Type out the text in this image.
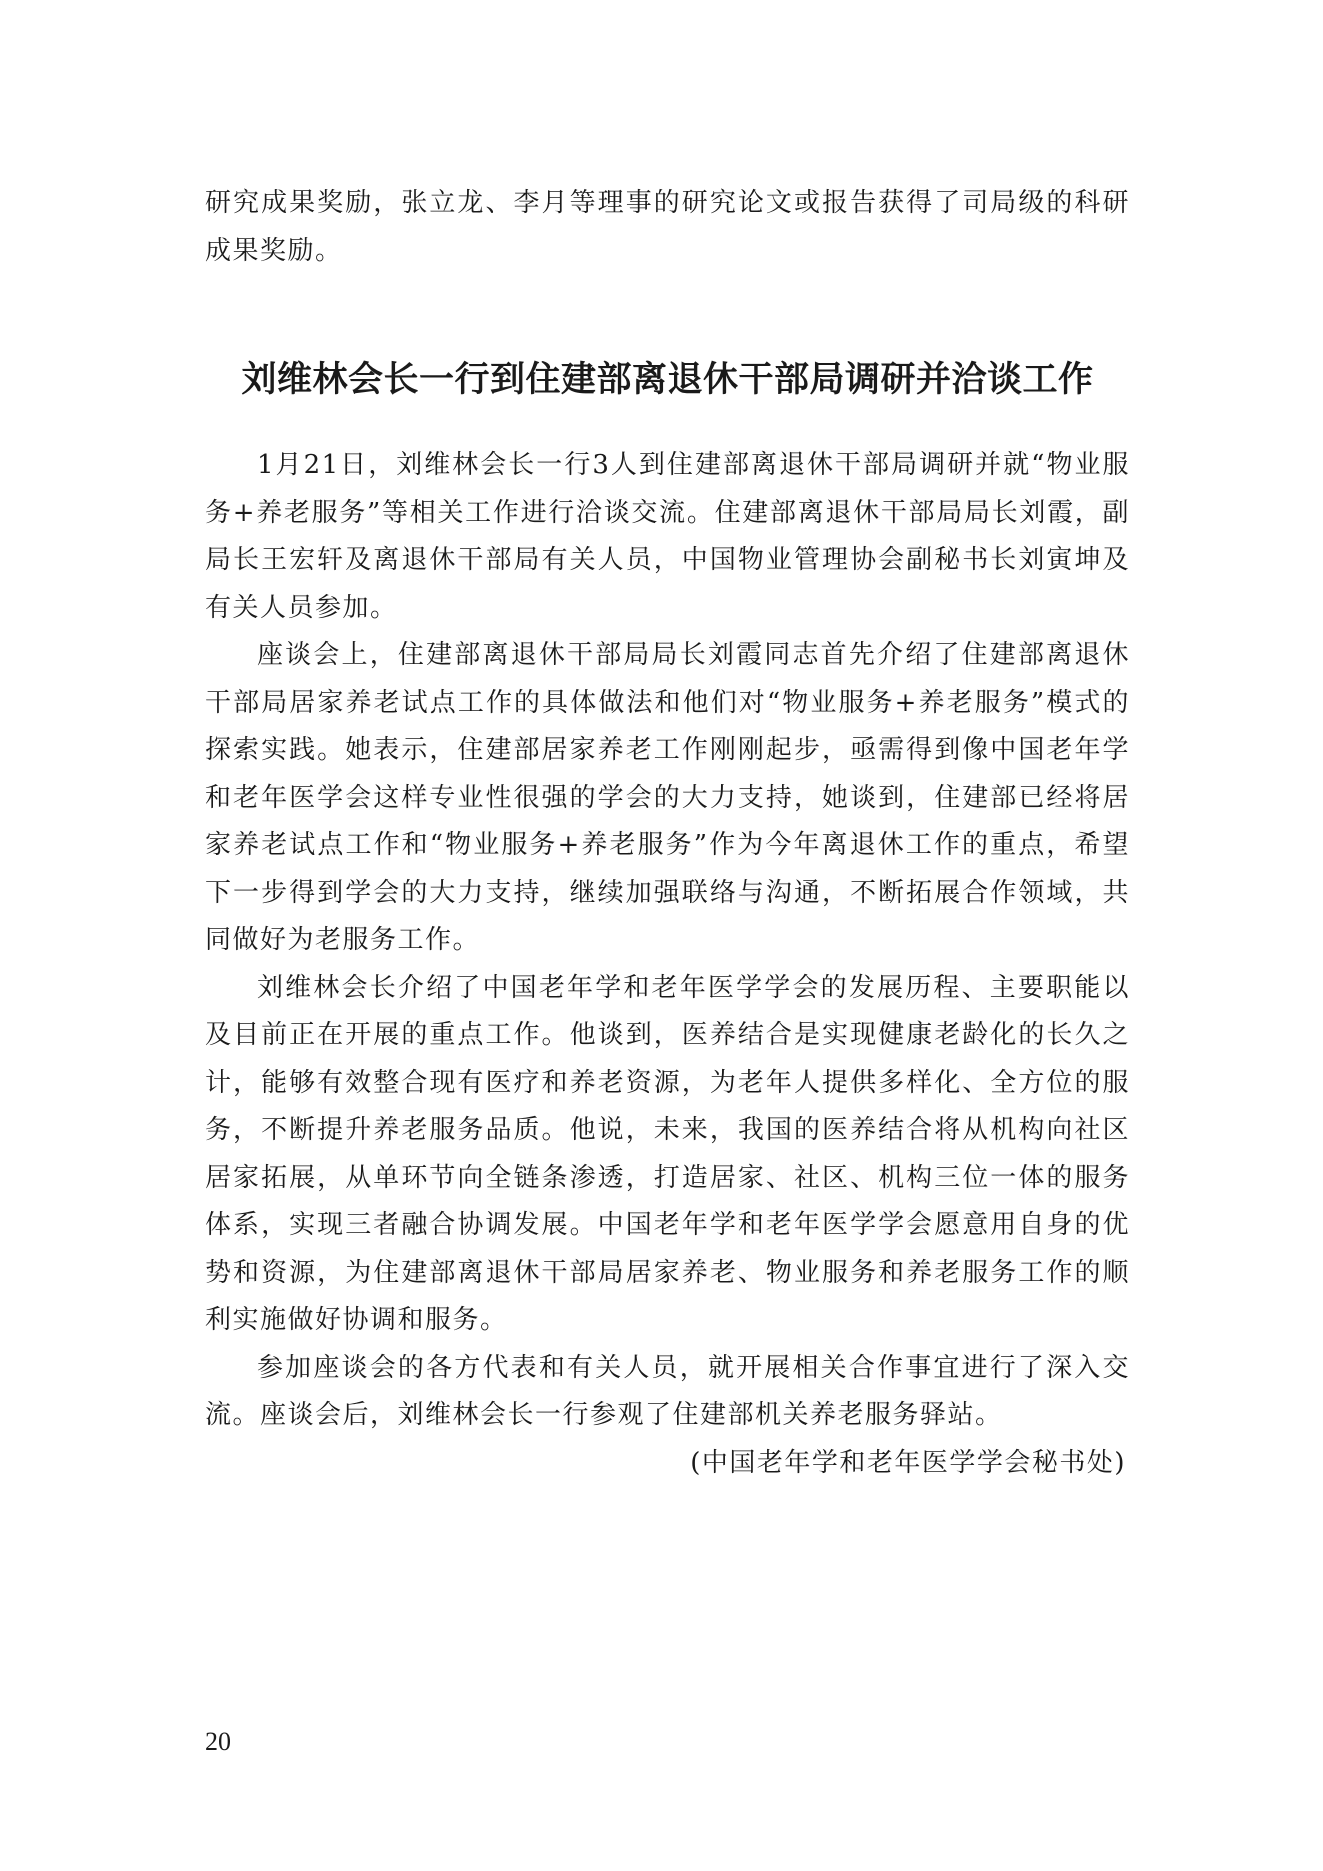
研究成果奖励，张立龙、李月等理事的研究论文或报告获得了司局级的科研成果奖励。

刘维林会长一行到住建部离退休干部局调研并洽谈工作

1月21日，刘维林会长一行3人到住建部离退休干部局调研并就“物业服务+养老服务”等相关工作进行洽谈交流。住建部离退休干部局局长刘霞，副局长王宏轩及离退休干部局有关人员，中国物业管理协会副秘书长刘寅坤及有关人员参加。

座谈会上，住建部离退休干部局局长刘霞同志首先介绍了住建部离退休干部局居家养老试点工作的具体做法和他们对“物业服务+养老服务”模式的探索实践。她表示，住建部居家养老工作刚刚起步，亟需得到像中国老年学和老年医学会这样专业性很强的学会的大力支持，她谈到，住建部已经将居家养老试点工作和“物业服务+养老服务”作为今年离退休工作的重点，希望下一步得到学会的大力支持，继续加强联络与沟通，不断拓展合作领域，共同做好为老服务工作。

刘维林会长介绍了中国老年学和老年医学学会的发展历程、主要职能以及目前正在开展的重点工作。他谈到，医养结合是实现健康老龄化的长久之计，能够有效整合现有医疗和养老资源，为老年人提供多样化、全方位的服务，不断提升养老服务品质。他说，未来，我国的医养结合将从机构向社区居家拓展，从单环节向全链条渗透，打造居家、社区、机构三位一体的服务体系，实现三者融合协调发展。中国老年学和老年医学学会愿意用自身的优势和资源，为住建部离退休干部局居家养老、物业服务和养老服务工作的顺利实施做好协调和服务。

参加座谈会的各方代表和有关人员，就开展相关合作事宜进行了深入交流。座谈会后，刘维林会长一行参观了住建部机关养老服务驿站。

(中国老年学和老年医学学会秘书处)

20
